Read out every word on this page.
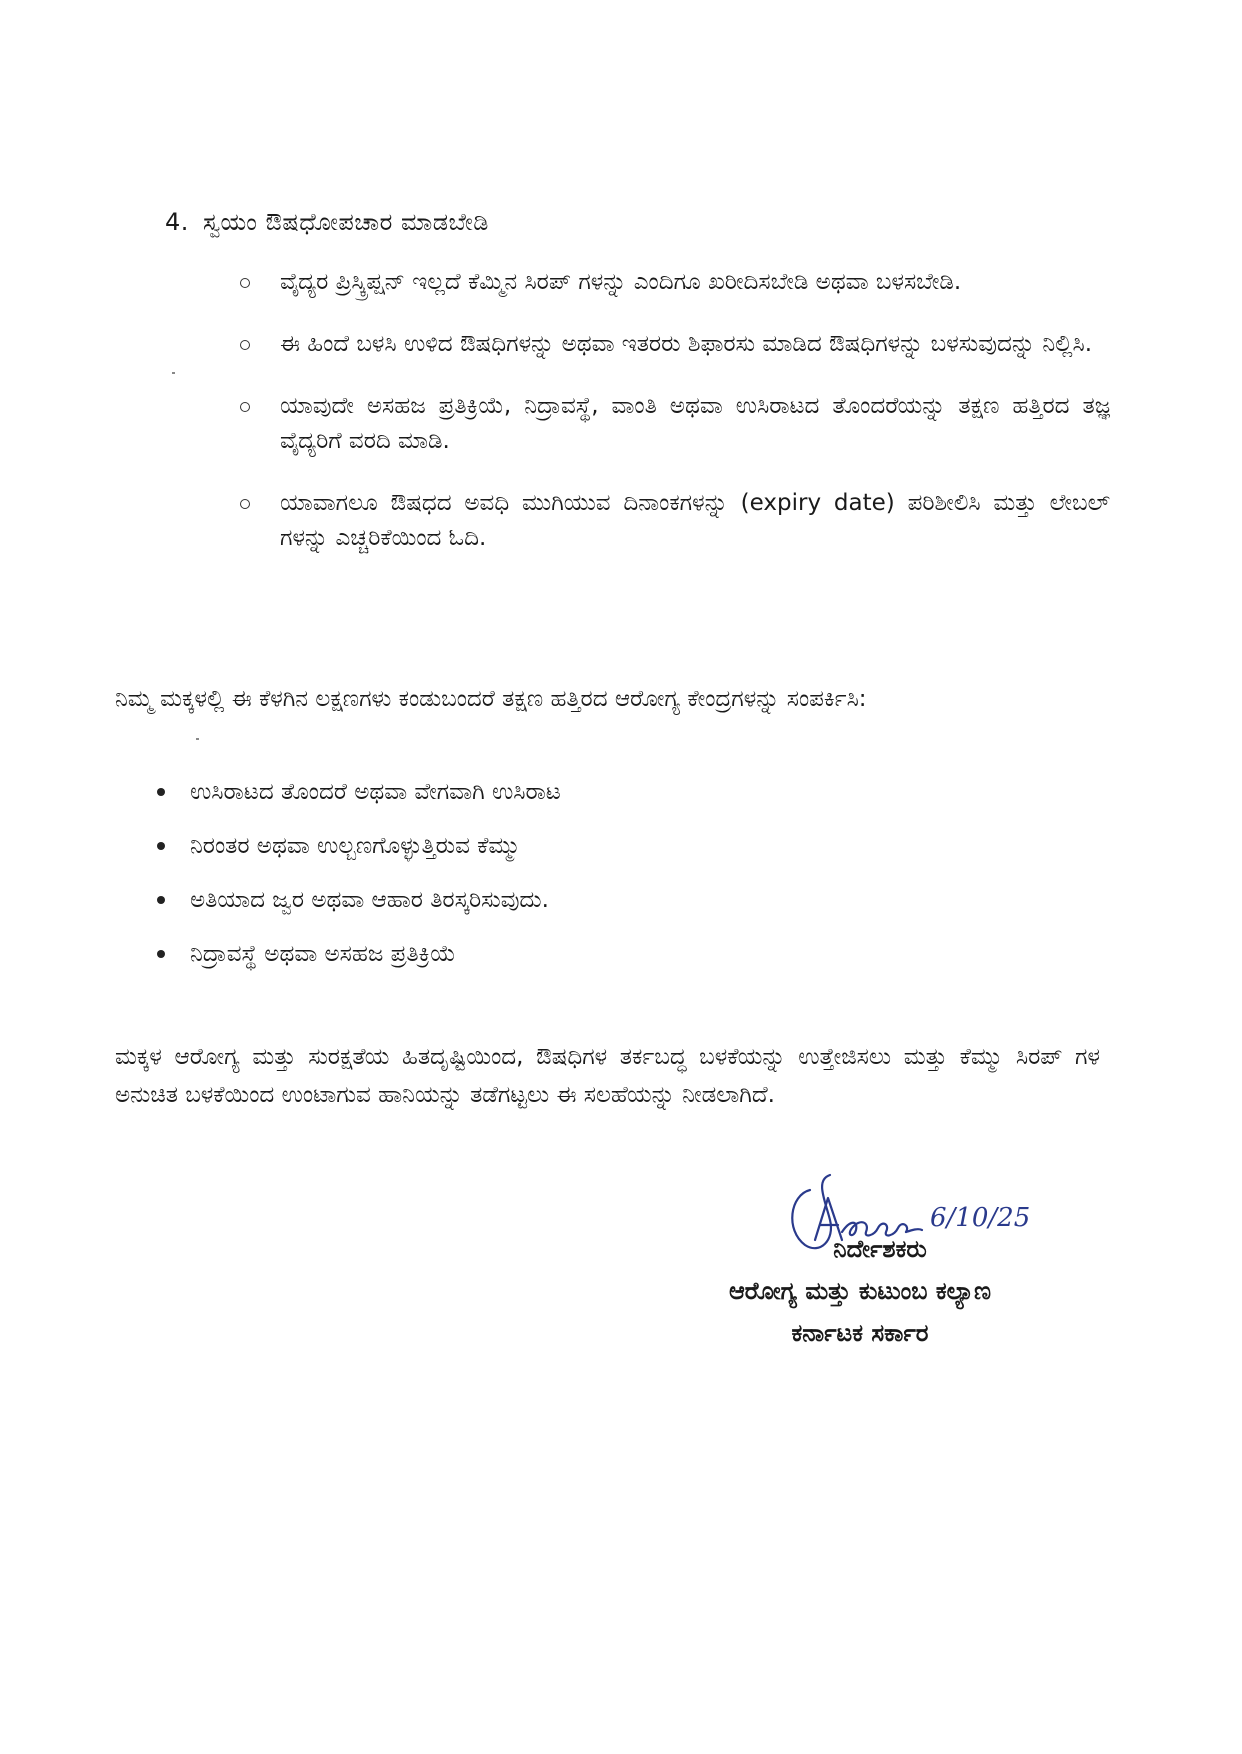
4. ಸ್ವಯಂ ಔಷಧೋಪಚಾರ ಮಾಡಬೇಡಿ
ವೈದ್ಯರ ಪ್ರಿಸ್ಕ್ರಿಪ್ಷನ್ ಇಲ್ಲದೆ ಕೆಮ್ಮಿನ ಸಿರಪ್ ಗಳನ್ನು ಎಂದಿಗೂ ಖರೀದಿಸಬೇಡಿ ಅಥವಾ ಬಳಸಬೇಡಿ.
ಈ ಹಿಂದೆ ಬಳಸಿ ಉಳಿದ ಔಷಧಿಗಳನ್ನು ಅಥವಾ ಇತರರು ಶಿಫಾರಸು ಮಾಡಿದ ಔಷಧಿಗಳನ್ನು ಬಳಸುವುದನ್ನು ನಿಲ್ಲಿಸಿ.
ಯಾವುದೇ ಅಸಹಜ ಪ್ರತಿಕ್ರಿಯೆ, ನಿದ್ರಾವಸ್ಥೆ, ವಾಂತಿ ಅಥವಾ ಉಸಿರಾಟದ ತೊಂದರೆಯನ್ನು ತಕ್ಷಣ ಹತ್ತಿರದ ತಜ್ಞ ವೈದ್ಯರಿಗೆ ವರದಿ ಮಾಡಿ.
ಯಾವಾಗಲೂ ಔಷಧದ ಅವಧಿ ಮುಗಿಯುವ ದಿನಾಂಕಗಳನ್ನು (expiry date) ಪರಿಶೀಲಿಸಿ ಮತ್ತು ಲೇಬಲ್ ಗಳನ್ನು ಎಚ್ಚರಿಕೆಯಿಂದ ಓದಿ.

ನಿಮ್ಮ ಮಕ್ಕಳಲ್ಲಿ ಈ ಕೆಳಗಿನ ಲಕ್ಷಣಗಳು ಕಂಡುಬಂದರೆ ತಕ್ಷಣ ಹತ್ತಿರದ ಆರೋಗ್ಯ ಕೇಂದ್ರಗಳನ್ನು ಸಂಪರ್ಕಿಸಿ:

ಉಸಿರಾಟದ ತೊಂದರೆ ಅಥವಾ ವೇಗವಾಗಿ ಉಸಿರಾಟ
ನಿರಂತರ ಅಥವಾ ಉಲ್ಬಣಗೊಳ್ಳುತ್ತಿರುವ ಕೆಮ್ಮು
ಅತಿಯಾದ ಜ್ವರ ಅಥವಾ ಆಹಾರ ತಿರಸ್ಕರಿಸುವುದು.
ನಿದ್ರಾವಸ್ಥೆ ಅಥವಾ ಅಸಹಜ ಪ್ರತಿಕ್ರಿಯೆ

ಮಕ್ಕಳ ಆರೋಗ್ಯ ಮತ್ತು ಸುರಕ್ಷತೆಯ ಹಿತದೃಷ್ಟಿಯಿಂದ, ಔಷಧಿಗಳ ತರ್ಕಬದ್ಧ ಬಳಕೆಯನ್ನು ಉತ್ತೇಜಿಸಲು ಮತ್ತು ಕೆಮ್ಮು ಸಿರಪ್ ಗಳ ಅನುಚಿತ ಬಳಕೆಯಿಂದ ಉಂಟಾಗುವ ಹಾನಿಯನ್ನು ತಡೆಗಟ್ಟಲು ಈ ಸಲಹೆಯನ್ನು ನೀಡಲಾಗಿದೆ.

6/10/25
ನಿರ್ದೇಶಕರು
ಆರೋಗ್ಯ ಮತ್ತು ಕುಟುಂಬ ಕಲ್ಯಾಣ
ಕರ್ನಾಟಕ ಸರ್ಕಾರ
